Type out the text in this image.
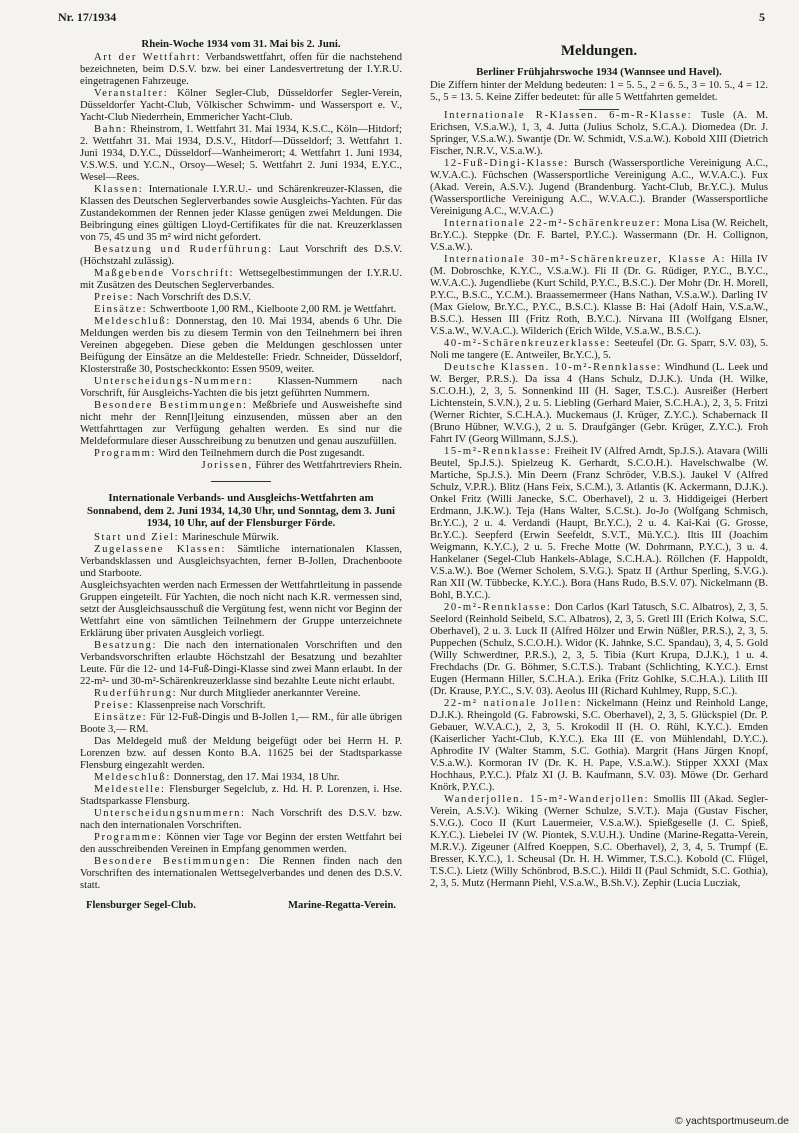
Nr. 17/1934	5
Rhein-Woche 1934 vom 31. Mai bis 2. Juni.

Art der Wettfahrt: Verbandswettfahrt, offen für die nachstehend bezeichneten, beim D.S.V. bzw. bei einer Landesvertretung der I.Y.R.U. eingetragenen Fahrzeuge.

Veranstalter: Kölner Segler-Club, Düsseldorfer Segler-Verein, Düsseldorfer Yacht-Club, Völkischer Schwimm- und Wassersport e. V., Yacht-Club Niederrhein, Emmericher Yacht-Club.

Bahn: Rheinstrom, 1. Wettfahrt 31. Mai 1934, K.S.C., Köln—Hitdorf; 2. Wettfahrt 31. Mai 1934, D.S.V., Hitdorf—Düsseldorf; 3. Wettfahrt 1. Juni 1934, D.Y.C., Düsseldorf—Wanheimerort; 4. Wettfahrt 1. Juni 1934, V.S.W.S. und Y.C.N., Orsoy—Wesel; 5. Wettfahrt 2. Juni 1934, E.Y.C., Wesel—Rees.

Klassen: Internationale I.Y.R.U.- und Schärenkreuzer-Klassen, die Klassen des Deutschen Seglerverbandes sowie Ausgleichs-Yachten. Für das Zustandekommen der Rennen jeder Klasse genügen zwei Meldungen. Die Beibringung eines gültigen Lloyd-Certifikates für die nat. Kreuzerklassen von 75, 45 und 35 m² wird nicht gefordert.

Besatzung und Ruderführung: Laut Vorschrift des D.S.V. (Höchstzahl zulässig).

Maßgebende Vorschrift: Wettsegelbestimmungen der I.Y.R.U. mit Zusätzen des Deutschen Seglerverbandes.

Preise: Nach Vorschrift des D.S.V.

Einsätze: Schwertboote 1,00 RM., Kielboote 2,00 RM. je Wettfahrt.

Meldeschluß: Donnerstag, den 10. Mai 1934, abends 6 Uhr. Die Meldungen werden bis zu diesem Termin von den Teilnehmern bei ihren Vereinen abgegeben. Diese geben die Meldungen geschlossen unter Beifügung der Einsätze an die Meldestelle: Friedr. Schneider, Düsseldorf, Klosterstraße 30, Postscheckkonto: Essen 9509, weiter.

Unterscheidungs-Nummern: Klassen-Nummern nach Vorschrift, für Ausgleichs-Yachten die bis jetzt geführten Nummern.

Besondere Bestimmungen: Meßbriefe und Ausweishefte sind nicht mehr der Renn[l]eitung einzusenden, müssen aber an den Wettfahrttagen zur Verfügung gehalten werden. Es sind nur die Meldeformulare dieser Ausschreibung zu benutzen und genau auszufüllen.

Programm: Wird den Teilnehmern durch die Post zugesandt.

Jorissen, Führer des Wettfahrtreviers Rhein.

Internationale Verbands- und Ausgleichs-Wettfahrten am Sonnabend, dem 2. Juni 1934, 14,30 Uhr, und Sonntag, dem 3. Juni 1934, 10 Uhr, auf der Flensburger Förde.

Start und Ziel: Marineschule Mürwik.

Zugelassene Klassen: Sämtliche internationalen Klassen, Verbandsklassen und Ausgleichsyachten, ferner B-Jollen, Drachenboote und Starboote.

Ausgleichsyachten werden nach Ermessen der Wettfahrtleitung in passende Gruppen eingeteilt. Für Yachten, die noch nicht nach K.R. vermessen sind, setzt der Ausgleichsausschuß die Vergütung fest, wenn nicht vor Beginn der Wettfahrt eine von sämtlichen Teilnehmern der Gruppe unterzeichnete Erklärung über privaten Ausgleich vorliegt.

Besatzung: Die nach den internationalen Vorschriften und den Verbandsvorschriften erlaubte Höchstzahl der Besatzung und bezahlter Leute. Für die 12- und 14-Fuß-Dingi-Klasse sind zwei Mann erlaubt. In der 22-m²- und 30-m²-Schärenkreuzerklasse sind bezahlte Leute nicht erlaubt.

Ruderführung: Nur durch Mitglieder anerkannter Vereine.

Preise: Klassenpreise nach Vorschrift.

Einsätze: Für 12-Fuß-Dingis und B-Jollen 1,— RM., für alle übrigen Boote 3,— RM.

Das Meldegeld muß der Meldung beigefügt oder bei Herrn H. P. Lorenzen bzw. auf dessen Konto B.A. 11625 bei der Stadtsparkasse Flensburg eingezahlt werden.

Meldeschluß: Donnerstag, den 17. Mai 1934, 18 Uhr.

Meldestelle: Flensburger Segelclub, z. Hd. H. P. Lorenzen, i. Hse. Stadtsparkasse Flensburg.

Unterscheidungsnummern: Nach Vorschrift des D.S.V. bzw. nach den internationalen Vorschriften.

Programme: Können vier Tage vor Beginn der ersten Wettfahrt bei den ausschreibenden Vereinen in Empfang genommen werden.

Besondere Bestimmungen: Die Rennen finden nach den Vorschriften des internationalen Wettsegelverbandes und denen des D.S.V. statt.

Flensburger Segel-Club.	Marine-Regatta-Verein.
Meldungen.
Berliner Frühjahrswoche 1934 (Wannsee und Havel).

Die Ziffern hinter der Meldung bedeuten: 1 = 5. 5., 2 = 6. 5., 3 = 10. 5., 4 = 12. 5., 5 = 13. 5. Keine Ziffer bedeutet: für alle 5 Wettfahrten gemeldet.

Internationale R-Klassen. 6-m-R-Klasse: Tusle (A. M. Erichsen, V.S.a.W.), 1, 3, 4. Jutta (Julius Scholz, S.C.A.). Diomedea (Dr. J. Springer, V.S.a.W.). Swantje (Dr. W. Schmidt, V.S.a.W.). Kobold XIII (Dietrich Fischer, N.R.V., V.S.a.W.).

12-Fuß-Dingi-Klasse: Bursch (Wassersportliche Vereinigung A.C., W.V.A.C.). Füchschen (Wassersportliche Vereinigung A.C., W.V.A.C.). Fux (Akad. Verein, A.S.V.). Jugend (Brandenburg. Yacht-Club, Br.Y.C.). Mulus (Wassersportliche Vereinigung A.C., W.V.A.C.). Brander (Wassersportliche Vereinigung A.C., W.V.A.C.)

Internationale 22-m²-Schärenkreuzer: Mona Lisa (W. Reichelt, Br.Y.C.). Steppke (Dr. F. Bartel, P.Y.C.). Wassermann (Dr. H. Collignon, V.S.a.W.).

Internationale 30-m²-Schärenkreuzer, Klasse A: Hilla IV (M. Dobroschke, K.Y.C., V.S.a.W.). Fli II (Dr. G. Rüdiger, P.Y.C., B.Y.C., W.V.A.C.). Jugendliebe (Kurt Schild, P.Y.C., B.S.C.). Der Mohr (Dr. H. Morell, P.Y.C., B.S.C., Y.C.M.). Braassemermeer (Hans Nathan, V.S.a.W.). Darling IV (Max Gielow, Br.Y.C., P.Y.C., B.S.C.). Klasse B: Hai (Adolf Hain, V.S.a.W., B.S.C.). Hessen III (Fritz Roth, B.Y.C.). Nirvana III (Wolfgang Elsner, V.S.a.W., W.V.A.C.). Wilderich (Erich Wilde, V.S.a.W., B.S.C.).

40-m²-Schärenkreuzerklasse: Seeteufel (Dr. G. Sparr, S.V. 03), 5. Noli me tangere (E. Antweiler, Br.Y.C.), 5.

Deutsche Klassen. 10-m²-Rennklasse: Windhund (L. Leek und W. Berger, P.R.S.). Da issa 4 (Hans Schulz, D.J.K.). Unda (H. Wilke, S.C.O.H.), 2, 3, 5. Sonnenkind III (H. Sager, T.S.C.). Ausreißer (Herbert Lichtenstein, S.V.N.), 2 u. 5. Liebling (Gerhard Maier, S.C.H.A.), 2, 3, 5. Fritzi (Werner Richter, S.C.H.A.). Muckemaus (J. Krüger, Z.Y.C.). Schabernack II (Bruno Hübner, W.V.G.), 2 u. 5. Draufgänger (Gebr. Krüger, Z.Y.C.). Froh Fahrt IV (Georg Willmann, S.J.S.).

15-m²-Rennklasse: Freiheit IV (Alfred Arndt, Sp.J.S.). Atavara (Willi Beutel, Sp.J.S.). Spielzeug K. Gerhardt, S.C.O.H.). Havelschwalbe (W. Martiche, Sp.J.S.). Min Deern (Franz Schröder, V.B.S.). Jaukel V (Alfred Schulz, V.P.R.). Blitz (Hans Feix, S.C.M.), 3. Atlantis (K. Ackermann, D.J.K.). Onkel Fritz (Willi Janecke, S.C. Oberhavel), 2 u. 3. Hiddigeigei (Herbert Erdmann, J.K.W.). Teja (Hans Walter, S.C.St.). Jo-Jo (Wolfgang Schmisch, Br.Y.C.), 2 u. 4. Verdandi (Haupt, Br.Y.C.), 2 u. 4. Kai-Kai (G. Grosse, Br.Y.C.). Seepferd (Erwin Seefeldt, S.V.T., Mü.Y.C.). Iltis III (Joachim Weigmann, K.Y.C.), 2 u. 5. Freche Motte (W. Dohrmann, P.Y.C.), 3 u. 4. Hankelaner (Segel-Club Hankels-Ablage, S.C.H.A.). Röllchen (F. Happoldt, V.S.a.W.). Boe (Werner Scholem, S.V.G.). Spatz II (Arthur Sperling, S.V.G.). Ran XII (W. Tübbecke, K.Y.C.). Bora (Hans Rudo, B.S.V. 07). Nickelmann (B. Bohl, B.Y.C.).

20-m²-Rennklasse: Don Carlos (Karl Tatusch, S.C. Albatros), 2, 3, 5. Seelord (Reinhold Seibeld, S.C. Albatros), 2, 3, 5. Gretl III (Erich Kolwa, S.C. Oberhavel), 2 u. 3. Luck II (Alfred Hölzer und Erwin Nüßler, P.R.S.), 2, 3, 5. Puppechen (Schulz, S.C.O.H.). Widor (K. Jahnke, S.C. Spandau), 3, 4, 5. Gold (Willy Schwerdtner, P.R.S.), 2, 3, 5. Tibia (Kurt Krupa, D.J.K.), 1 u. 4. Frechdachs (Dr. G. Böhmer, S.C.T.S.). Trabant (Schlichting, K.Y.C.). Ernst Eugen (Hermann Hiller, S.C.H.A.). Erika (Fritz Gohlke, S.C.H.A.). Lilith III (Dr. Krause, P.Y.C., S.V. 03). Aeolus III (Richard Kuhlmey, Rupp, S.C.).

22-m² nationale Jollen: Nickelmann (Heinz und Reinhold Lange, D.J.K.). Rheingold (G. Fabrowski, S.C. Oberhavel), 2, 3, 5. Glückspiel (Dr. P. Gebauer, W.V.A.C.), 2, 3, 5. Krokodil II (H. O. Rühl, K.Y.C.). Emden (Kaiserlicher Yacht-Club, K.Y.C.). Eka III (E. von Mühlendahl, D.Y.C.). Aphrodite IV (Walter Stamm, S.C. Gothia). Margrit (Hans Jürgen Knopf, V.S.a.W.). Kormoran IV (Dr. K. H. Pape, V.S.a.W.). Stipper XXXI (Max Hochhaus, P.Y.C.). Pfalz XI (J. B. Kaufmann, S.V. 03). Möwe (Dr. Gerhard Knörk, P.Y.C.).

Wanderjollen. 15-m²-Wanderjollen: Smollis III (Akad. Segler-Verein, A.S.V.). Wiking (Werner Schulze, S.V.T.). Maja (Gustav Fischer, S.V.G.). Coco II (Kurt Lauermeier, V.S.a.W.). Spießgeselle (J. C. Spieß, K.Y.C.). Liebelei IV (W. Piontek, S.V.U.H.). Undine (Marine-Regatta-Verein, M.R.V.). Zigeuner (Alfred Koeppen, S.C. Oberhavel), 2, 3, 4, 5. Trumpf (E. Bresser, K.Y.C.), 1. Scheusal (Dr. H. H. Wimmer, T.S.C.). Kobold (C. Flügel, T.S.C.). Lietz (Willy Schönbrod, B.S.C.). Hildi II (Paul Schmidt, S.C. Gothia), 2, 3, 5. Mutz (Hermann Piehl, V.S.a.W., B.Sh.V.). Zephir (Lucia Lucziak,

© yachtsportmuseum.de
